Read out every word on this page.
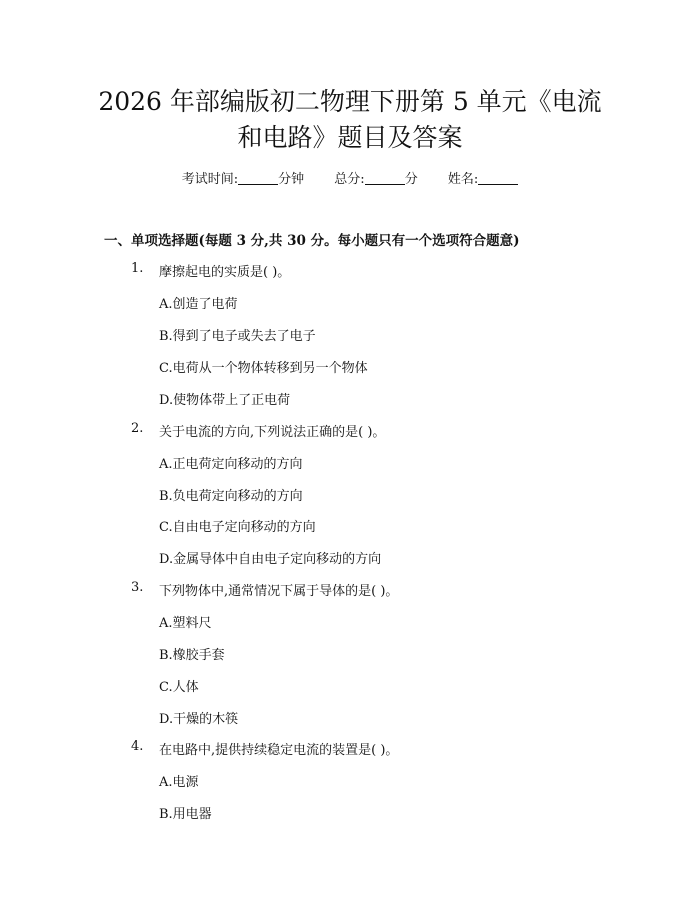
2026 年部编版初二物理下册第 5 单元《电流
和电路》题目及答案
考试时间:	分钟 总分:	分 姓名:
一、单项选择题(每题 3 分,共 30 分。每小题只有一个选项符合题意)
1. 摩擦起电的实质是( )。
A.创造了电荷
B.得到了电子或失去了电子
C.电荷从一个物体转移到另一个物体
D.使物体带上了正电荷
2. 关于电流的方向,下列说法正确的是( )。
A.正电荷定向移动的方向
B.负电荷定向移动的方向
C.自由电子定向移动的方向
D.金属导体中自由电子定向移动的方向
3. 下列物体中,通常情况下属于导体的是( )。
A.塑料尺
B.橡胶手套
C.人体
D.干燥的木筷
4. 在电路中,提供持续稳定电流的装置是( )。
A.电源
B.用电器
